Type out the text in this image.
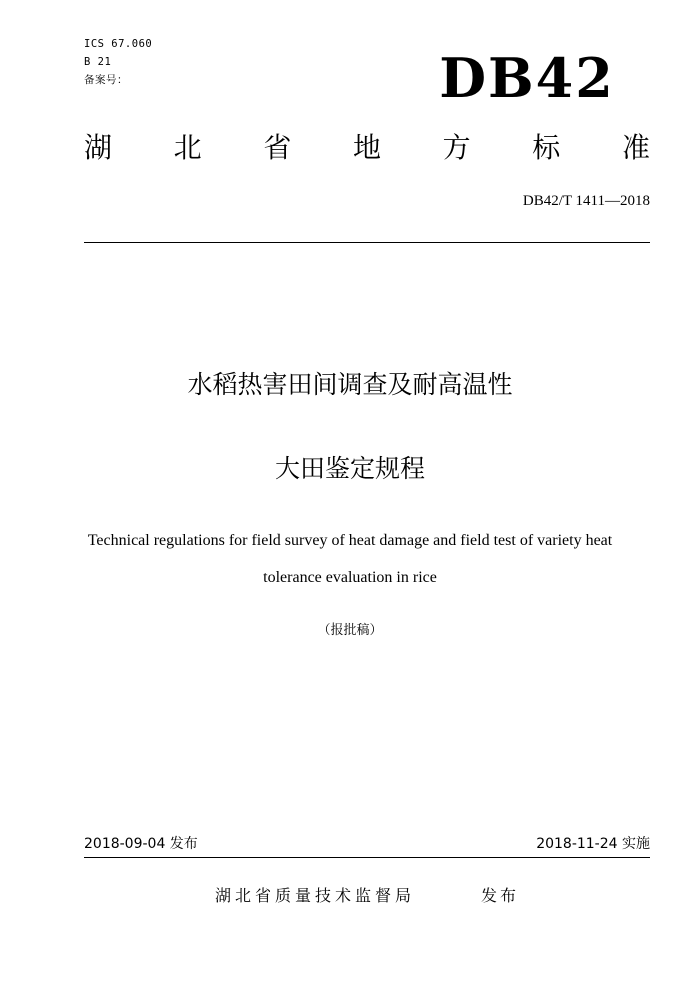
ICS 67.060
B 21
备案号：	DB42
湖 北 省 地 方 标 准
DB42/T 1411—2018
水稻热害田间调查及耐高温性
大田鉴定规程
Technical regulations for field survey of heat damage and field test of variety heat
tolerance evaluation in rice
（报批稿）
2018-09-04 发布	2018-11-24 实施
湖北省质量技术监督局	发布
